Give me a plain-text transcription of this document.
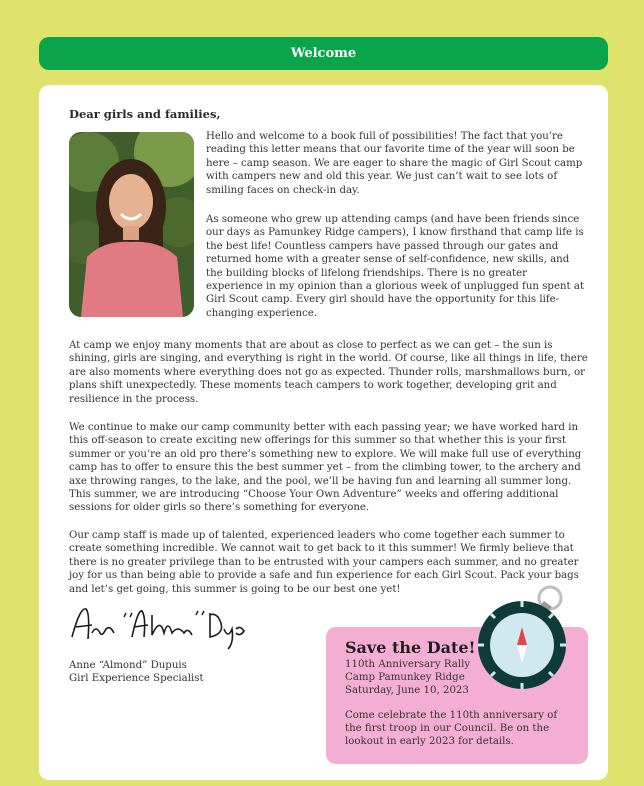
Welcome
Dear girls and families,
Hello and welcome to a book full of possibilities! The fact that you’re reading this letter means that our favorite time of the year will soon be here – camp season. We are eager to share the magic of Girl Scout camp with campers new and old this year. We just can’t wait to see lots of smiling faces on check-in day.
As someone who grew up attending camps (and have been friends since our days as Pamunkey Ridge campers), I know firsthand that camp life is the best life! Countless campers have passed through our gates and returned home with a greater sense of self-confidence, new skills, and the building blocks of lifelong friendships. There is no greater experience in my opinion than a glorious week of unplugged fun spent at Girl Scout camp. Every girl should have the opportunity for this life-changing experience.
At camp we enjoy many moments that are about as close to perfect as we can get – the sun is shining, girls are singing, and everything is right in the world. Of course, like all things in life, there are also moments where everything does not go as expected. Thunder rolls, marshmallows burn, or plans shift unexpectedly. These moments teach campers to work together, developing grit and resilience in the process.
We continue to make our camp community better with each passing year; we have worked hard in this off-season to create exciting new offerings for this summer so that whether this is your first summer or you’re an old pro there’s something new to explore. We will make full use of everything camp has to offer to ensure this the best summer yet – from the climbing tower, to the archery and axe throwing ranges, to the lake, and the pool, we’ll be having fun and learning all summer long. This summer, we are introducing “Choose Your Own Adventure” weeks and offering additional sessions for older girls so there’s something for everyone.
Our camp staff is made up of talented, experienced leaders who come together each summer to create something incredible. We cannot wait to get back to it this summer! We firmly believe that there is no greater privilege than to be entrusted with your campers each summer, and no greater joy for us than being able to provide a safe and fun experience for each Girl Scout. Pack your bags and let’s get going, this summer is going to be our best one yet!
Anne “Almond” Dupuis
Girl Experience Specialist
Save the Date!
110th Anniversary Rally
Camp Pamunkey Ridge
Saturday, June 10, 2023
Come celebrate the 110th anniversary of the first troop in our Council. Be on the lookout in early 2023 for details.
